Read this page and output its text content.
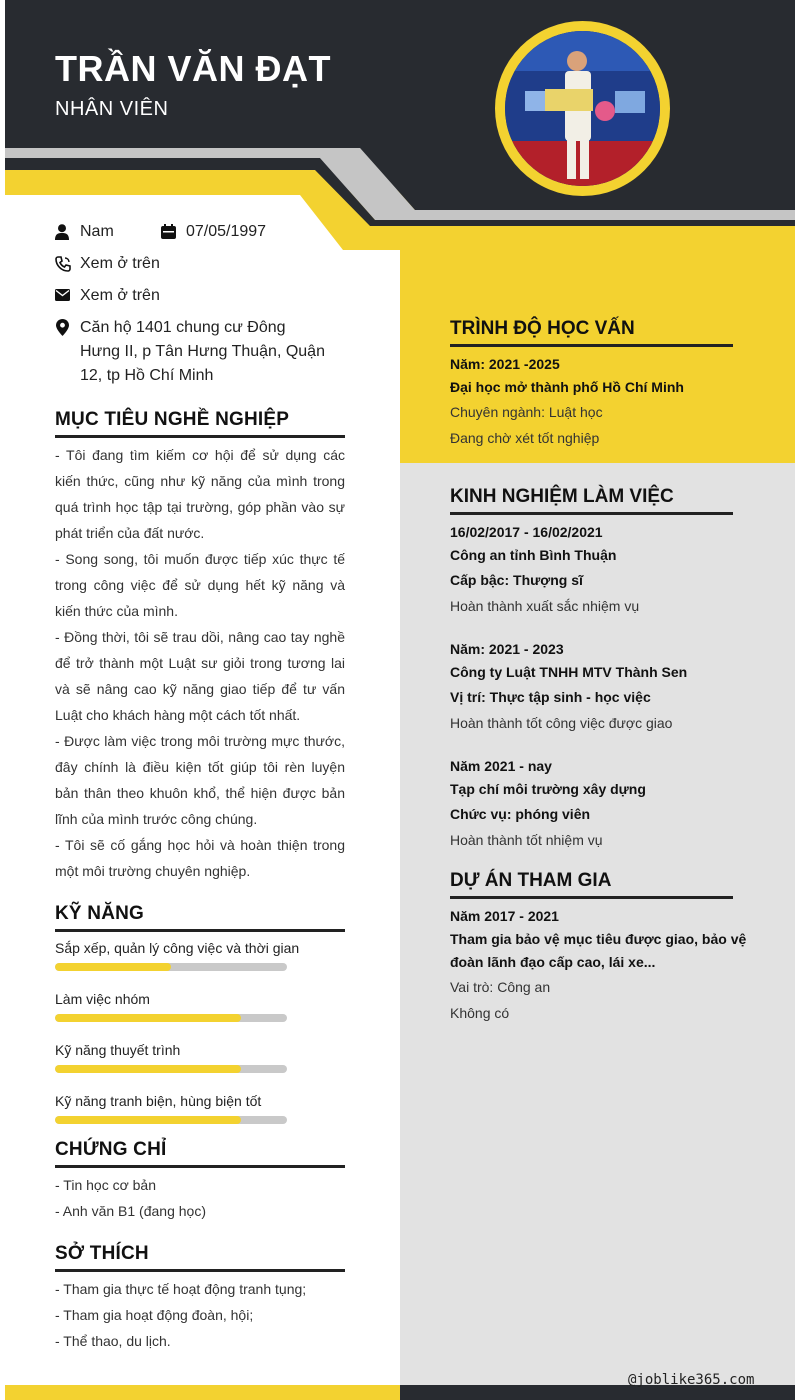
TRẦN VĂN ĐẠT
NHÂN VIÊN
Nam	07/05/1997
Xem ở trên
Xem ở trên
Căn hộ 1401 chung cư Đông
Hưng II, p Tân Hưng Thuận, Quận
12, tp Hồ Chí Minh
MỤC TIÊU NGHỀ NGHIỆP
- Tôi đang tìm kiếm cơ hội để sử dụng các kiến thức, cũng như kỹ năng của mình trong quá trình học tập tại trường, góp phần vào sự phát triển của đất nước.
- Song song, tôi muốn được tiếp xúc thực tế trong công việc để sử dụng hết kỹ năng và kiến thức của mình.
- Đồng thời, tôi sẽ trau dồi, nâng cao tay nghề để trở thành một Luật sư giỏi trong tương lai và sẽ nâng cao kỹ năng giao tiếp để tư vấn Luật cho khách hàng một cách tốt nhất.
- Được làm việc trong môi trường mực thước, đây chính là điều kiện tốt giúp tôi rèn luyện bản thân theo khuôn khổ, thể hiện được bản lĩnh của mình trước công chúng.
- Tôi sẽ cố gắng học hỏi và hoàn thiện trong một môi trường chuyên nghiệp.
KỸ NĂNG
Sắp xếp, quản lý công việc và thời gian
Làm việc nhóm
Kỹ năng thuyết trình
Kỹ năng tranh biện, hùng biện tốt
CHỨNG CHỈ
- Tin học cơ bản
- Anh văn B1 (đang học)
SỞ THÍCH
- Tham gia thực tế hoạt động tranh tụng;
- Tham gia hoạt động đoàn, hội;
- Thể thao, du lịch.
TRÌNH ĐỘ HỌC VẤN
Năm: 2021 -2025
Đại học mở thành phố Hồ Chí Minh
Chuyên ngành: Luật học
Đang chờ xét tốt nghiệp
KINH NGHIỆM LÀM VIỆC
16/02/2017 - 16/02/2021
Công an tỉnh Bình Thuận
Cấp bậc: Thượng sĩ
Hoàn thành xuất sắc nhiệm vụ
Năm: 2021 - 2023
Công ty Luật TNHH MTV Thành Sen
Vị trí: Thực tập sinh - học việc
Hoàn thành tốt công việc được giao
Năm 2021 - nay
Tạp chí môi trường xây dựng
Chức vụ: phóng viên
Hoàn thành tốt nhiệm vụ
DỰ ÁN THAM GIA
Năm 2017 - 2021
Tham gia bảo vệ mục tiêu được giao, bảo vệ đoàn lãnh đạo cấp cao, lái xe...
Vai trò: Công an
Không có
@joblike365.com
